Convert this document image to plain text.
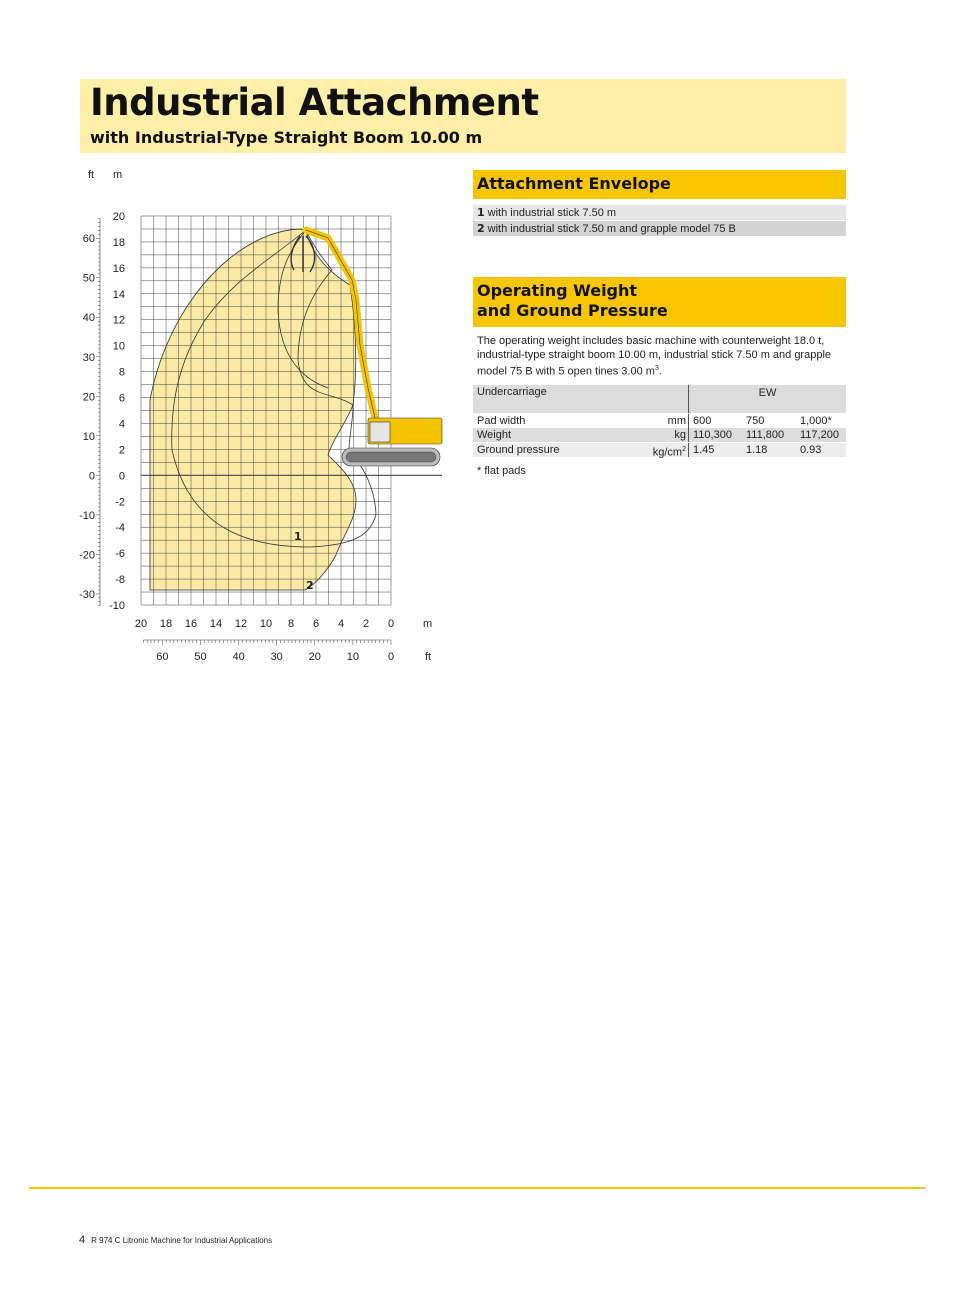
Industrial Attachment
with Industrial-Type Straight Boom 10.00 m
20
18
16
14
12
10
8
6
4
2
0
-2
-4
-6
-8
-10
20 18 16 14 12 10 8 6 4 2 0
60
50
40
30
20
10
0
-10
-20
-30
60 50 40 30 20 10	0
1
2
ft m
m
ft
Attachment Envelope
1 with industrial stick 7.50 m
2 with industrial stick 7.50 m and grapple model 75 B
Operating Weight
and Ground Pressure

The operating weight includes basic machine with counterweight 18.0 t, industrial-type straight boom 10.00 m, industrial stick 7.50 m and grapple model 75 B with 5 open tines 3.00 $m^3$.

Undercarriage	EW
Pad width	mm 600	750	1,000*
Weight	kg 110,300 111,800 117,200
Ground pressure	$kg/cm^2$ 1.45	1.18	0.93
* flat pads
4 R 974 C Litronic Machine for Industrial Applications
